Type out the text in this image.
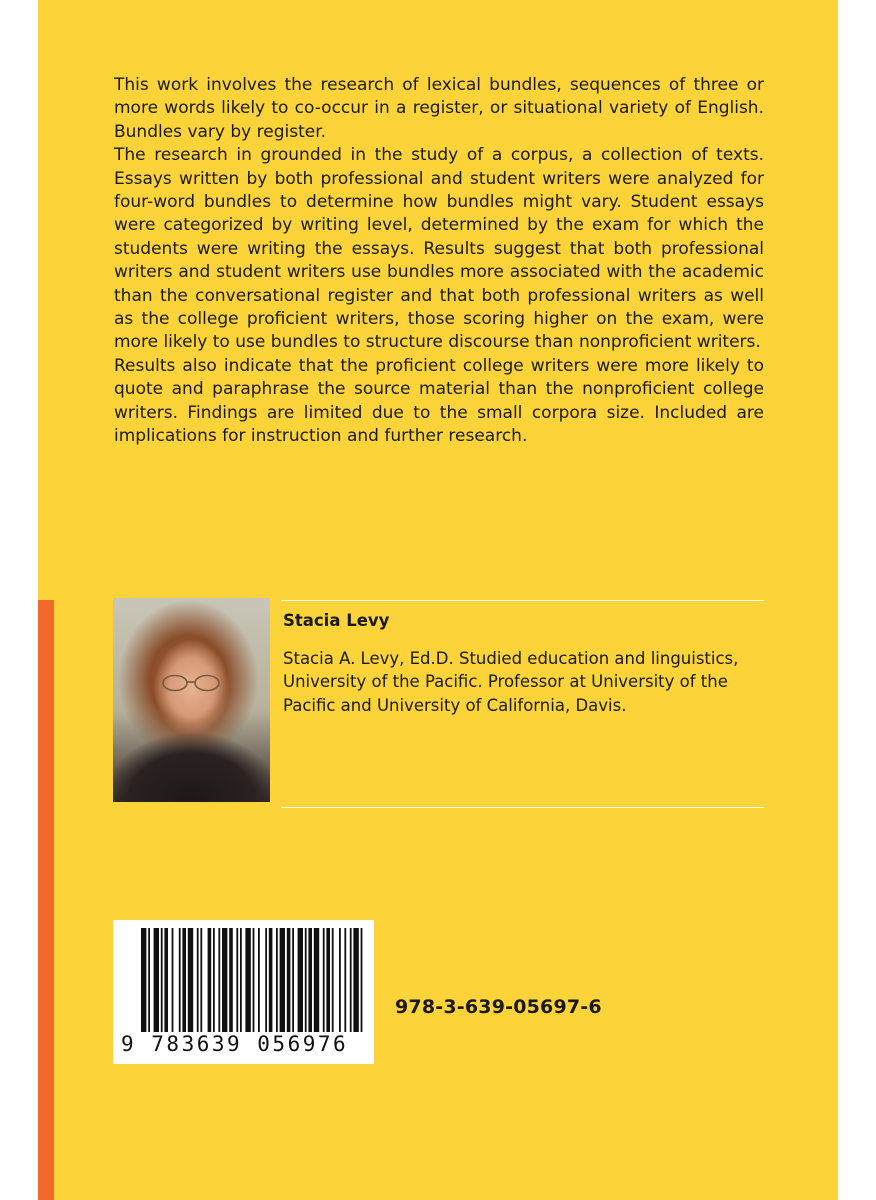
This work involves the research of lexical bundles, sequences of three or more words likely to co-occur in a register, or situational variety of English. Bundles vary by register.

The research in grounded in the study of a corpus, a collection of texts. Essays written by both professional and student writers were analyzed for four-word bundles to determine how bundles might vary. Student essays were categorized by writing level, determined by the exam for which the students were writing the essays. Results suggest that both professional writers and student writers use bundles more associated with the academic than the conversational register and that both professional writers as well as the college proficient writers, those scoring higher on the exam, were more likely to use bundles to structure discourse than nonproficient writers.

Results also indicate that the proficient college writers were more likely to quote and paraphrase the source material than the nonproficient college writers. Findings are limited due to the small corpora size. Included are implications for instruction and further research.

Stacia Levy

Stacia A. Levy, Ed.D. Studied education and linguistics, University of the Pacific. Professor at University of the Pacific and University of California, Davis.

9 783639 056976
978-3-639-05697-6
